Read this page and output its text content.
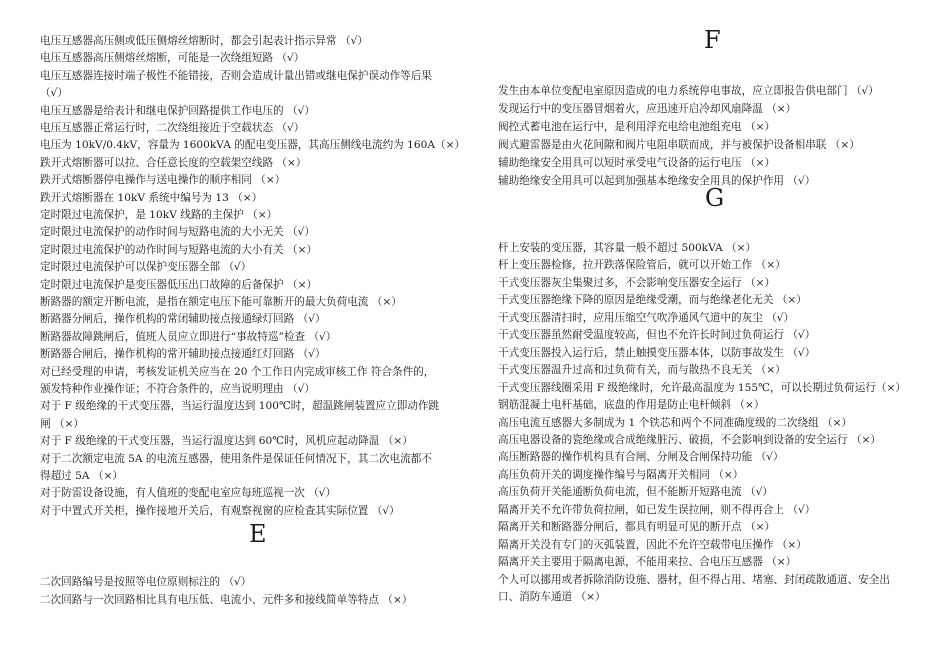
电压互感器高压侧或低压侧熔丝熔断时，都会引起表计指示异常 （√）
电压互感器高压侧熔丝熔断，可能是一次绕组短路 （√）
电压互感器连接时端子极性不能错接，否则会造成计量出错或继电保护误动作等后果
（√）
电压互感器是给表计和继电保护回路提供工作电压的 （√）
电压互感器正常运行时，二次绕组接近于空载状态 （√）
电压为 10kV/0.4kV，容量为 1600kVA 的配电变压器，其高压侧线电流约为 160A（×）
跌开式熔断器可以拉、合任意长度的空载架空线路 （×）
跌开式熔断器停电操作与送电操作的顺序相同 （×）
跌开式熔断器在 10kV 系统中编号为 13 （×）
定时限过电流保护，是 10kV 线路的主保护 （×）
定时限过电流保护的动作时间与短路电流的大小无关 （√）
定时限过电流保护的动作时间与短路电流的大小有关 （×）
定时限过电流保护可以保护变压器全部 （√）
定时限过电流保护是变压器低压出口故障的后备保护 （×）
断路器的额定开断电流，是指在额定电压下能可靠断开的最大负荷电流 （×）
断路器分闸后，操作机构的常闭辅助接点接通绿灯回路 （√）
断路器故障跳闸后，值班人员应立即进行“事故特巡”检查 （√）
断路器合闸后，操作机构的常开辅助接点接通红灯回路 （√）
对已经受理的申请，考核发证机关应当在 20 个工作日内完成审核工作 符合条件的，
颁发特种作业操作证；不符合条件的，应当说明理由 （√）
对于 F 级绝缘的干式变压器，当运行温度达到 100℃时，超温跳闸装置应立即动作跳
闸 （×）
对于 F 级绝缘的干式变压器，当运行温度达到 60℃时，风机应起动降温 （×）
对于二次额定电流 5A 的电流互感器，使用条件是保证任何情况下，其二次电流都不
得超过 5A （×）
对于防雷设备设施，有人值班的变配电室应每班巡视一次 （√）
对于中置式开关柜，操作接地开关后，有观察视窗的应检查其实际位置 （√）
二次回路编号是按照等电位原则标注的 （√）
二次回路与一次回路相比具有电压低、电流小、元件多和接线简单等特点 （×）
发生由本单位变配电室原因造成的电力系统停电事故，应立即报告供电部门 （√）
发现运行中的变压器冒烟着火，应迅速开启冷却风扇降温 （×）
阀控式蓄电池在运行中，是利用浮充电给电池组充电 （×）
阀式避雷器是由火花间隙和阀片电阻串联而成，并与被保护设备相串联 （×）
辅助绝缘安全用具可以短时承受电气设备的运行电压 （×）
辅助绝缘安全用具可以起到加强基本绝缘安全用具的保护作用 （√）
杆上安装的变压器，其容量一般不超过 500kVA （×）
杆上变压器检修，拉开跌落保险管后，就可以开始工作 （×）
干式变压器灰尘集聚过多，不会影响变压器安全运行 （×）
干式变压器绝缘下降的原因是绝缘受潮，而与绝缘老化无关 （×）
干式变压器清扫时，应用压缩空气吹净通风气道中的灰尘 （√）
干式变压器虽然耐受温度较高，但也不允许长时间过负荷运行 （√）
干式变压器投入运行后，禁止触摸变压器本体，以防事故发生 （√）
干式变压器温升过高和过负荷有关，而与散热不良无关 （×）
干式变压器线圈采用 F 级绝缘时，允许最高温度为 155℃，可以长期过负荷运行（×）
钢筋混凝土电杆基础，底盘的作用是防止电杆倾斜 （×）
高压电流互感器大多制成为 1 个铁芯和两个不同准确度级的二次绕组 （×）
高压电器设备的瓷绝缘或合成绝缘脏污、破损，不会影响到设备的安全运行 （×）
高压断路器的操作机构具有合闸、分闸及合闸保持功能 （√）
高压负荷开关的调度操作编号与隔离开关相同 （×）
高压负荷开关能通断负荷电流，但不能断开短路电流 （√）
隔离开关不允许带负荷拉闸，如已发生误拉闸，则不得再合上 （√）
隔离开关和断路器分闸后，都具有明显可见的断开点 （×）
隔离开关没有专门的灭弧装置，因此不允许空载带电压操作 （×）
隔离开关主要用于隔离电源，不能用来拉、合电压互感器 （×）
个人可以挪用或者拆除消防设施、器材，但不得占用、堵塞、封闭疏散通道、安全出
口、消防车通道 （×）
E
F
G
